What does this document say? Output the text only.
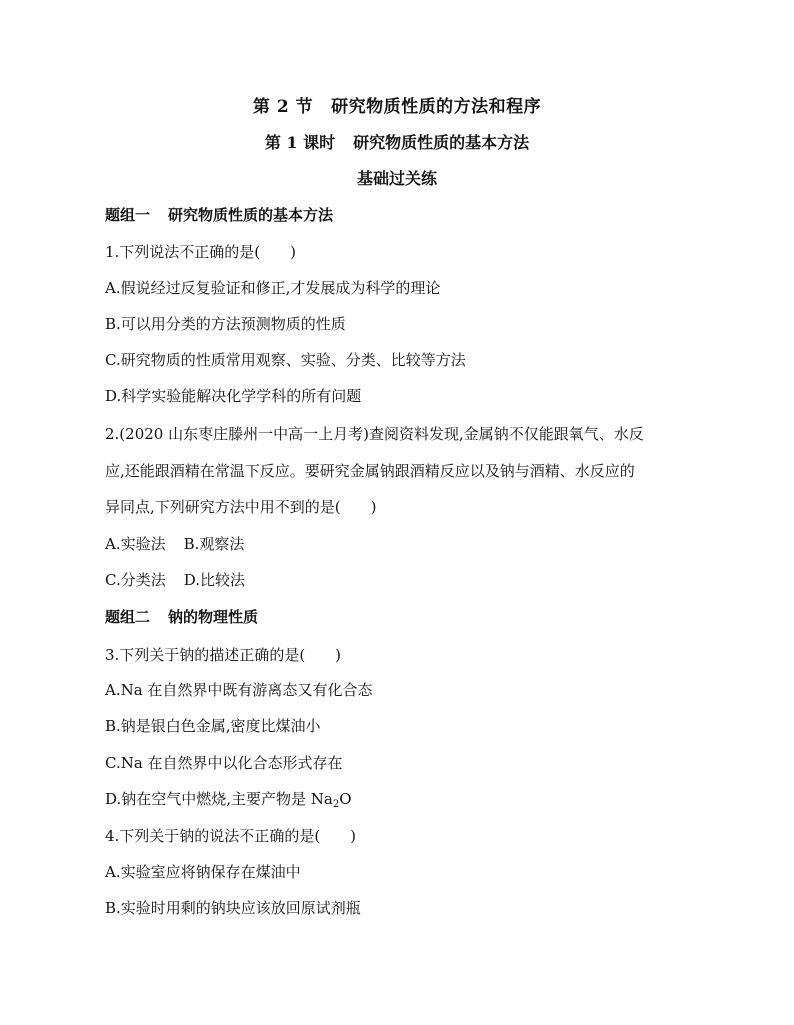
第 2 节 研究物质性质的方法和程序
第 1 课时 研究物质性质的基本方法
基础过关练
题组一 研究物质性质的基本方法
1.下列说法不正确的是(　　)
A.假说经过反复验证和修正,才发展成为科学的理论
B.可以用分类的方法预测物质的性质
C.研究物质的性质常用观察、实验、分类、比较等方法
D.科学实验能解决化学学科的所有问题
2.(2020 山东枣庄滕州一中高一上月考)查阅资料发现,金属钠不仅能跟氧气、水反
应,还能跟酒精在常温下反应。要研究金属钠跟酒精反应以及钠与酒精、水反应的
异同点,下列研究方法中用不到的是(　　)
A.实验法 B.观察法
C.分类法 D.比较法
题组二 钠的物理性质
3.下列关于钠的描述正确的是(　　)
A.Na 在自然界中既有游离态又有化合态
B.钠是银白色金属,密度比煤油小
C.Na 在自然界中以化合态形式存在
D.钠在空气中燃烧,主要产物是 $Na_2O$
4.下列关于钠的说法不正确的是(　　)
A.实验室应将钠保存在煤油中
B.实验时用剩的钠块应该放回原试剂瓶
